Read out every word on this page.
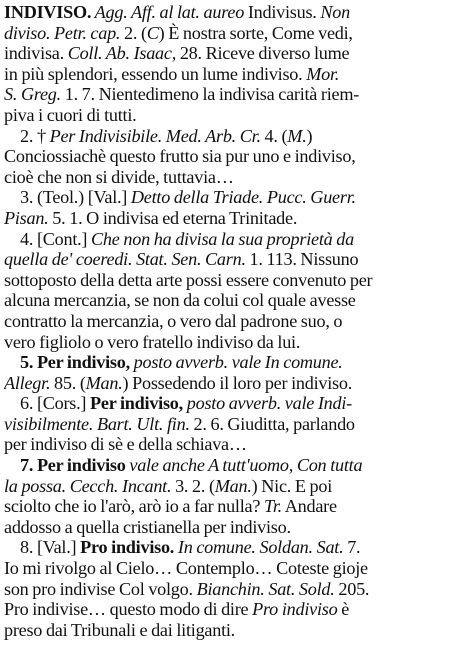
INDIVISO. Agg. Aff. al lat. aureo Indivisus. Non
diviso. Petr. cap. 2. (C) È nostra sorte, Come vedi,
indivisa. Coll. Ab. Isaac, 28. Riceve diverso lume
in più splendori, essendo un lume indiviso. Mor.
S. Greg. 1. 7. Nientedimeno la indivisa carità riem-
piva i cuori di tutti.
2. † Per Indivisibile. Med. Arb. Cr. 4. (M.)
Conciossiachè questo frutto sia pur uno e indiviso,
cioè che non si divide, tuttavia…
3. (Teol.) [Val.] Detto della Triade. Pucc. Guerr.
Pisan. 5. 1. O indivisa ed eterna Trinitade.
4. [Cont.] Che non ha divisa la sua proprietà da
quella de' coeredi. Stat. Sen. Carn. 1. 113. Nissuno
sottoposto della detta arte possi essere convenuto per
alcuna mercanzia, se non da colui col quale avesse
contratto la mercanzia, o vero dal padrone suo, o
vero figliolo o vero fratello indiviso da lui.
5. Per indiviso, posto avverb. vale In comune.
Allegr. 85. (Man.) Possedendo il loro per indiviso.
6. [Cors.] Per indiviso, posto avverb. vale Indi-
visibilmente. Bart. Ult. fin. 2. 6. Giuditta, parlando
per indiviso di sè e della schiava…
7. Per indiviso vale anche A tutt'uomo, Con tutta
la possa. Cecch. Incant. 3. 2. (Man.) Nic. E poi
sciolto che io l'arò, arò io a far nulla? Tr. Andare
addosso a quella cristianella per indiviso.
8. [Val.] Pro indiviso. In comune. Soldan. Sat. 7.
Io mi rivolgo al Cielo… Contemplo… Coteste gioje
son pro indivise Col volgo. Bianchin. Sat. Sold. 205.
Pro indivise… questo modo di dire Pro indiviso è
preso dai Tribunali e dai litiganti.
